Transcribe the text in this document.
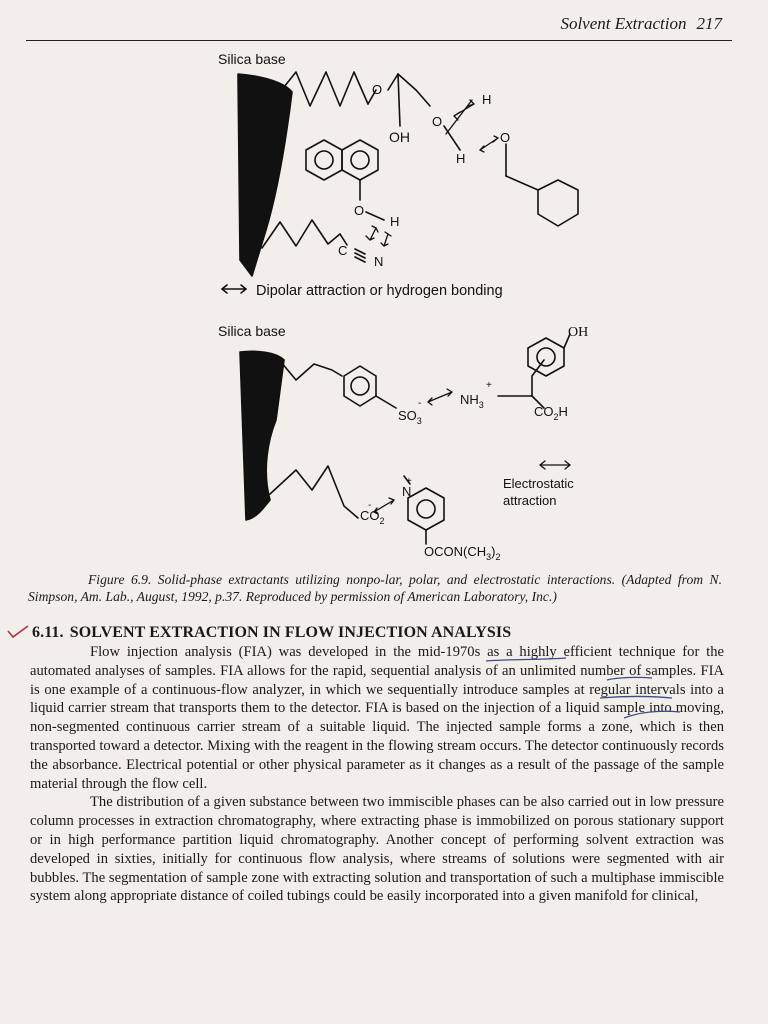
Solvent Extraction 217
Silica base
OH
O
O
H
O
H
O
H
C
N
Dipolar attraction or hydrogen bonding
Silica base	OH
$SO_3$
-	$NH_3$
+
$CO_2H$
Electrostatic
attraction
N
+
$CO_2$
-
$OCON(CH_3)_2$
Figure 6.9. Solid-phase extractants utilizing nonpo-lar, polar, and electrostatic interactions. (Adapted from N. Simpson, Am. Lab., August, 1992, p.37. Reproduced by permission of American Laboratory, Inc.)
6.11. SOLVENT EXTRACTION IN FLOW INJECTION ANALYSIS

Flow injection analysis (FIA) was developed in the mid-1970s as a highly efficient technique for the automated analyses of samples. FIA allows for the rapid, sequential analysis of an unlimited number of samples. FIA is one example of a continuous-flow analyzer, in which we sequentially introduce samples at regular intervals into a liquid carrier stream that transports them to the detector. FIA is based on the injection of a liquid sample into moving, non-segmented continuous carrier stream of a suitable liquid. The injected sample forms a zone, which is then transported toward a detector. Mixing with the reagent in the flowing stream occurs. The detector continuously records the absorbance. Electrical potential or other physical parameter as it changes as a result of the passage of the sample material through the flow cell.

The distribution of a given substance between two immiscible phases can be also carried out in low pressure column processes in extraction chromatography, where extracting phase is immobilized on porous stationary support or in high performance partition liquid chromatography. Another concept of performing solvent extraction was developed in sixties, initially for continuous flow analysis, where streams of solutions were segmented with air bubbles. The segmentation of sample zone with extracting solution and transportation of such a multiphase immiscible system along appropriate distance of coiled tubings could be easily incorporated into a given manifold for clinical,
